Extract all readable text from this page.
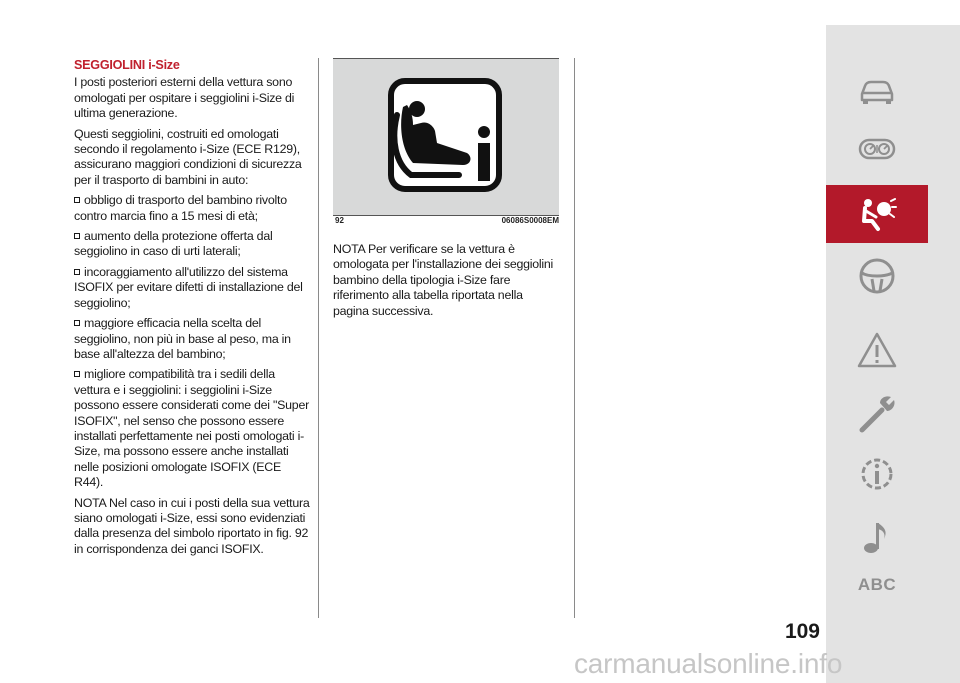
SEGGIOLINI i-Size

I posti posteriori esterni della vettura sono omologati per ospitare i seggiolini i-Size di ultima generazione.

Questi seggiolini, costruiti ed omologati secondo il regolamento i-Size (ECE R129), assicurano maggiori condizioni di sicurezza per il trasporto di bambini in auto:

obbligo di trasporto del bambino rivolto contro marcia fino a 15 mesi di età;

aumento della protezione offerta dal seggiolino in caso di urti laterali;

incoraggiamento all'utilizzo del sistema ISOFIX per evitare difetti di installazione del seggiolino;

maggiore efficacia nella scelta del seggiolino, non più in base al peso, ma in base all'altezza del bambino;

migliore compatibilità tra i sedili della vettura e i seggiolini: i seggiolini i-Size possono essere considerati come dei "Super ISOFIX", nel senso che possono essere installati perfettamente nei posti omologati i-Size, ma possono essere anche installati nelle posizioni omologate ISOFIX (ECE R44).

NOTA Nel caso in cui i posti della sua vettura siano omologati i-Size, essi sono evidenziati dalla presenza del simbolo riportato in fig. 92 in corrispondenza dei ganci ISOFIX.

92	06086S0008EM

NOTA Per verificare se la vettura è omologata per l'installazione dei seggiolini bambino della tipologia i-Size fare riferimento alla tabella riportata nella pagina successiva.

ABC
109
carmanualsonline.info
